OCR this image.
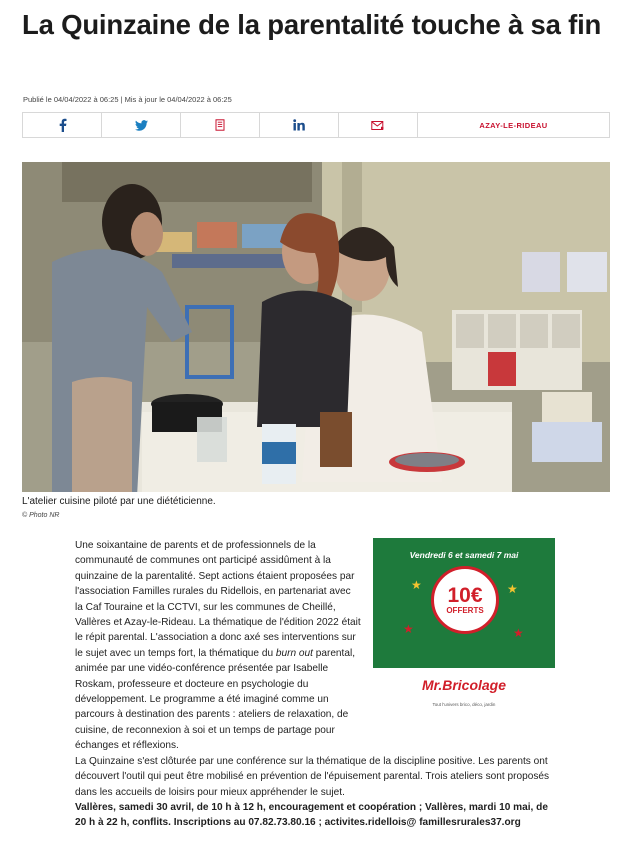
La Quinzaine de la parentalité touche à sa fin
Publié le 04/04/2022 à 06:25 | Mis à jour le 04/04/2022 à 06:25
AZAY-LE-RIDEAU
L'atelier cuisine piloté par une diététicienne.
© Photo NR
Vendredi 6 et samedi 7 mai
★	★
★	★
10€
OFFERTS
Mr.Bricolage
Tout l'univers brico, déco, jardin

Une soixantaine de parents et de professionnels de la communauté de communes ont participé assidûment à la quinzaine de la parentalité. Sept actions étaient proposées par l'association Familles rurales du Ridellois, en partenariat avec la Caf Touraine et la CCTVI, sur les communes de Cheillé, Vallères et Azay-le-Rideau. La thématique de l'édition 2022 était le répit parental. L'association a donc axé ses interventions sur le sujet avec un temps fort, la thématique du burn out parental, animée par une vidéo-conférence présentée par Isabelle Roskam, professeure et docteure en psychologie du développement. Le programme a été imaginé comme un parcours à destination des parents : ateliers de relaxation, de cuisine, de reconnexion à soi et un temps de partage pour échanges et réflexions.

La Quinzaine s'est clôturée par une conférence sur la thématique de la discipline positive. Les parents ont découvert l'outil qui peut être mobilisé en prévention de l'épuisement parental. Trois ateliers sont proposés dans les accueils de loisirs pour mieux appréhender le sujet.

Vallères, samedi 30 avril, de 10 h à 12 h, encouragement et coopération ; Vallères, mardi 10 mai, de 20 h à 22 h, conflits. Inscriptions au 07.82.73.80.16 ; activites.ridellois@ famillesrurales37.org
